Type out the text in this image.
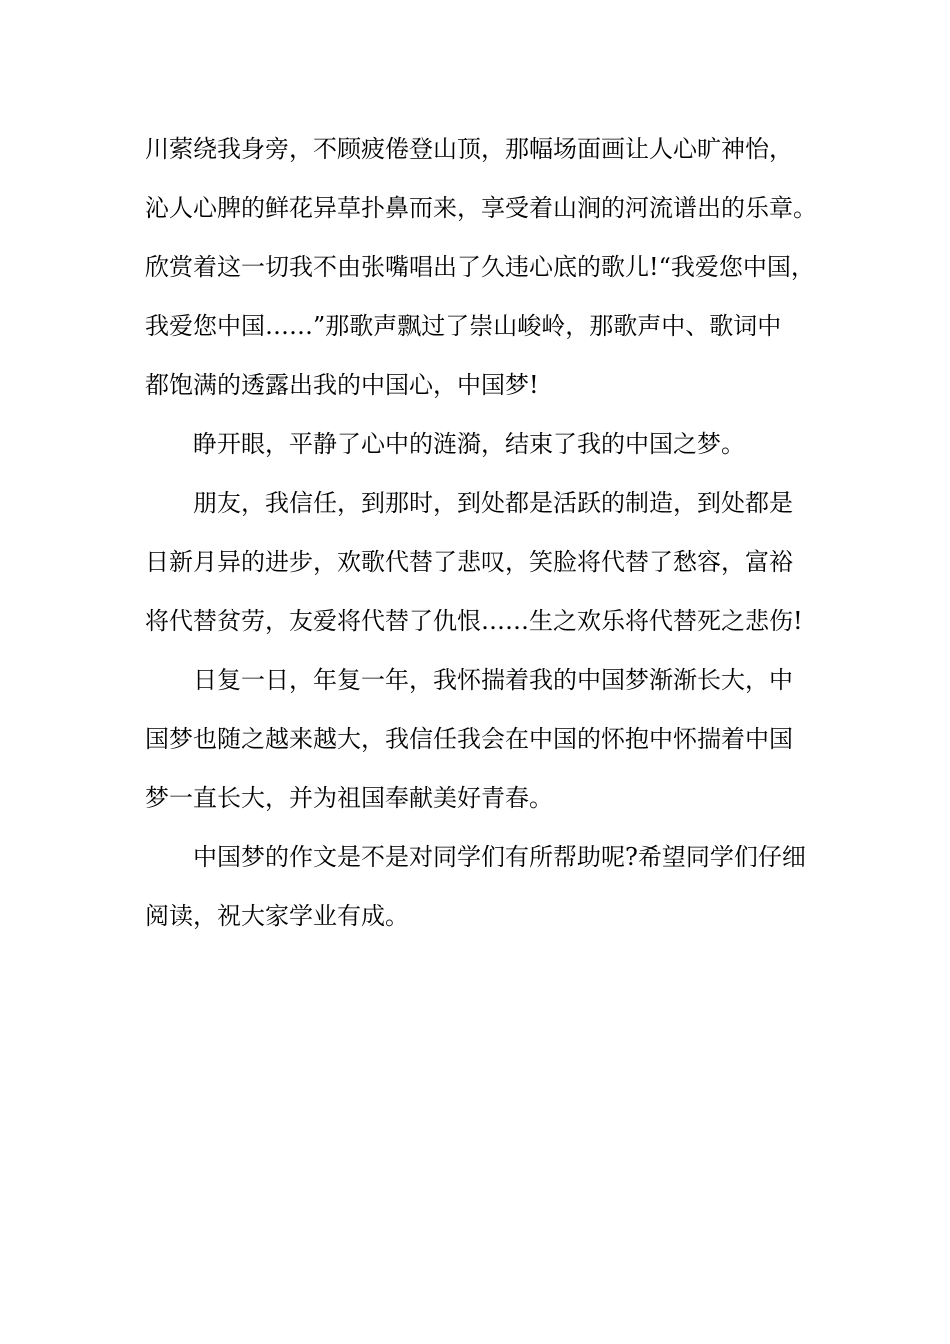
川萦绕我身旁，不顾疲倦登山顶，那幅场面画让人心旷神怡，
沁人心脾的鲜花异草扑鼻而来，享受着山涧的河流谱出的乐章。
欣赏着这一切我不由张嘴唱出了久违心底的歌儿!“我爱您中国，
我爱您中国……”那歌声飘过了崇山峻岭，那歌声中、歌词中
都饱满的透露出我的中国心，中国梦!
睁开眼，平静了心中的涟漪，结束了我的中国之梦。
朋友，我信任，到那时，到处都是活跃的制造，到处都是
日新月异的进步，欢歌代替了悲叹，笑脸将代替了愁容，富裕
将代替贫劳，友爱将代替了仇恨……生之欢乐将代替死之悲伤!
日复一日，年复一年，我怀揣着我的中国梦渐渐长大，中
国梦也随之越来越大，我信任我会在中国的怀抱中怀揣着中国
梦一直长大，并为祖国奉献美好青春。
中国梦的作文是不是对同学们有所帮助呢?希望同学们仔细
阅读，祝大家学业有成。
